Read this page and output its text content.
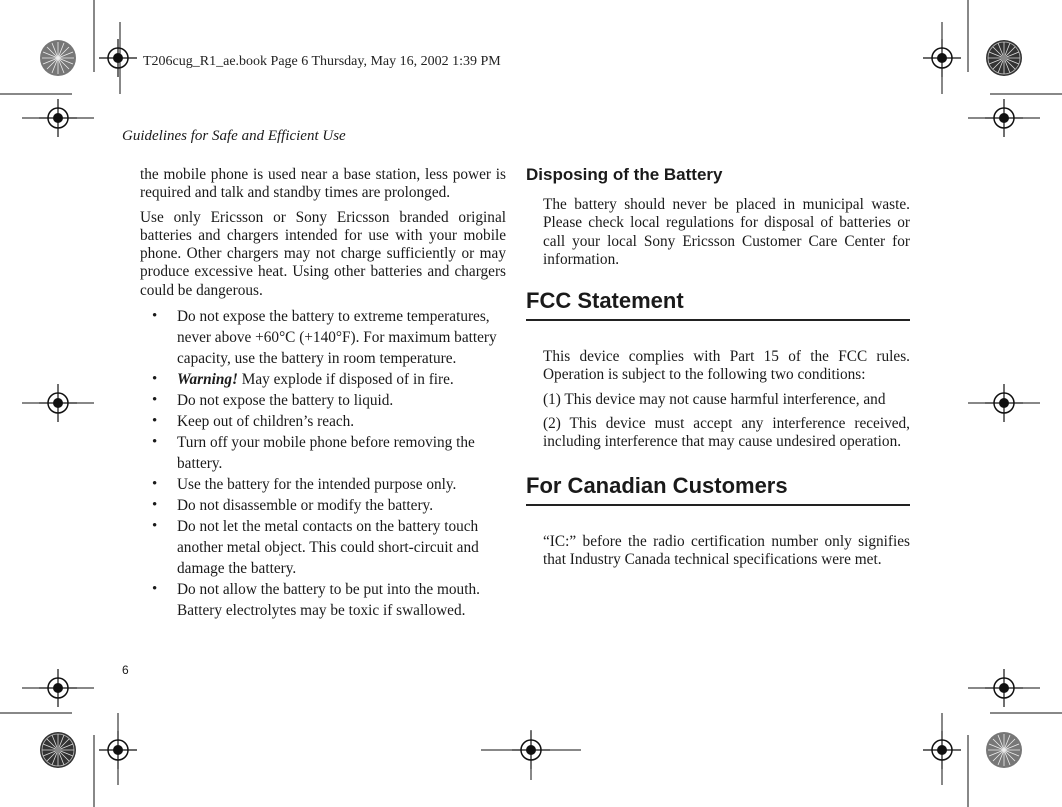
T206cug_R1_ae.book Page 6 Thursday, May 16, 2002 1:39 PM
Guidelines for Safe and Efficient Use
6

the mobile phone is used near a base station, less power is required and talk and standby times are prolonged.

Use only Ericsson or Sony Ericsson branded original batteries and chargers intended for use with your mobile phone. Other chargers may not charge sufficiently or may produce excessive heat. Using other batteries and chargers could be dangerous.

• Do not expose the battery to extreme temperatures, never above +60°C (+140°F). For maximum battery capacity, use the battery in room temperature.
• Warning! May explode if disposed of in fire.
• Do not expose the battery to liquid.
• Keep out of children’s reach.
• Turn off your mobile phone before removing the battery.
• Use the battery for the intended purpose only.
• Do not disassemble or modify the battery.
• Do not let the metal contacts on the battery touch another metal object. This could short-circuit and damage the battery.
• Do not allow the battery to be put into the mouth. Battery electrolytes may be toxic if swallowed.
Disposing of the Battery

The battery should never be placed in municipal waste. Please check local regulations for disposal of batteries or call your local Sony Ericsson Customer Care Center for information.

FCC Statement

This device complies with Part 15 of the FCC rules. Operation is subject to the following two conditions:

(1) This device may not cause harmful interference, and

(2) This device must accept any interference received, including interference that may cause undesired operation.

For Canadian Customers

“IC:” before the radio certification number only signifies that Industry Canada technical specifications were met.
